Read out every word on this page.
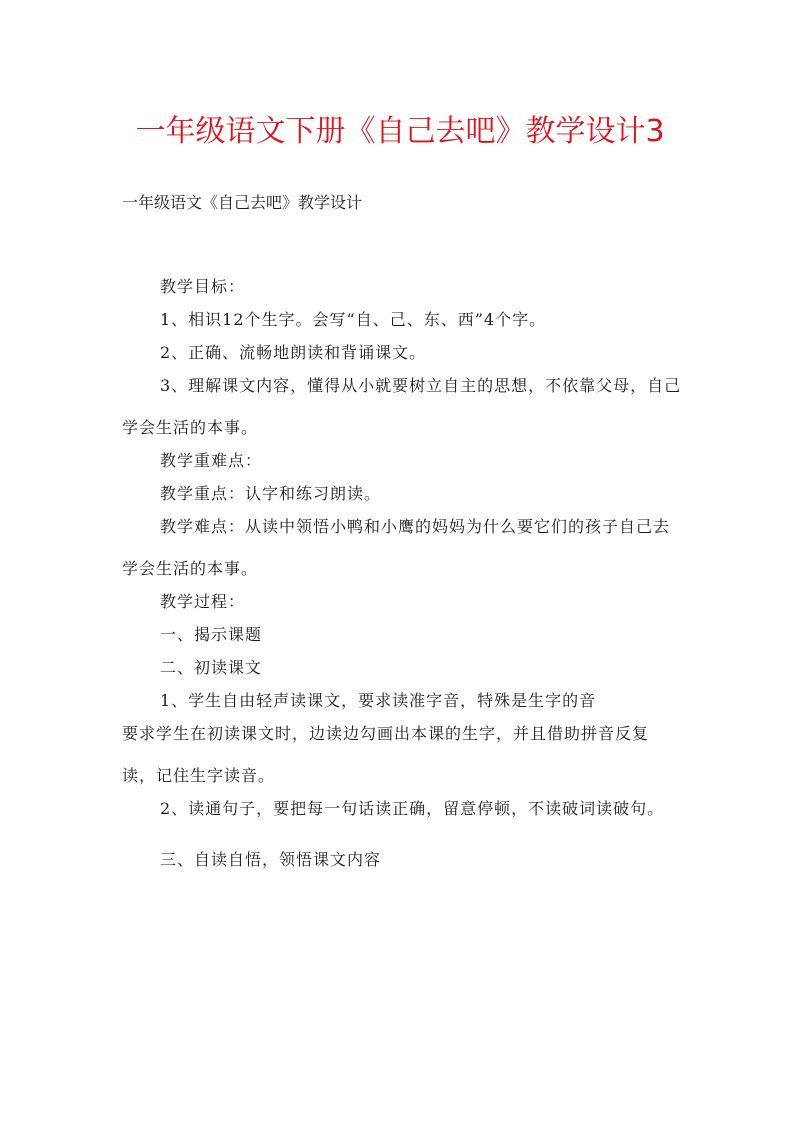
一年级语文下册《自己去吧》教学设计3

一年级语文《自己去吧》教学设计

教学目标：

1、相识12个生字。会写“自、己、东、西”4个字。

2、正确、流畅地朗读和背诵课文。

3、理解课文内容，懂得从小就要树立自主的思想，不依靠父母，自己学会生活的本事。

教学重难点：

教学重点：认字和练习朗读。

教学难点：从读中领悟小鸭和小鹰的妈妈为什么要它们的孩子自己去学会生活的本事。

教学过程：

一、揭示课题

二、初读课文

1、学生自由轻声读课文，要求读准字音，特殊是生字的音

要求学生在初读课文时，边读边勾画出本课的生字，并且借助拼音反复读，记住生字读音。

2、读通句子，要把每一句话读正确，留意停顿，不读破词读破句。

三、自读自悟，领悟课文内容
